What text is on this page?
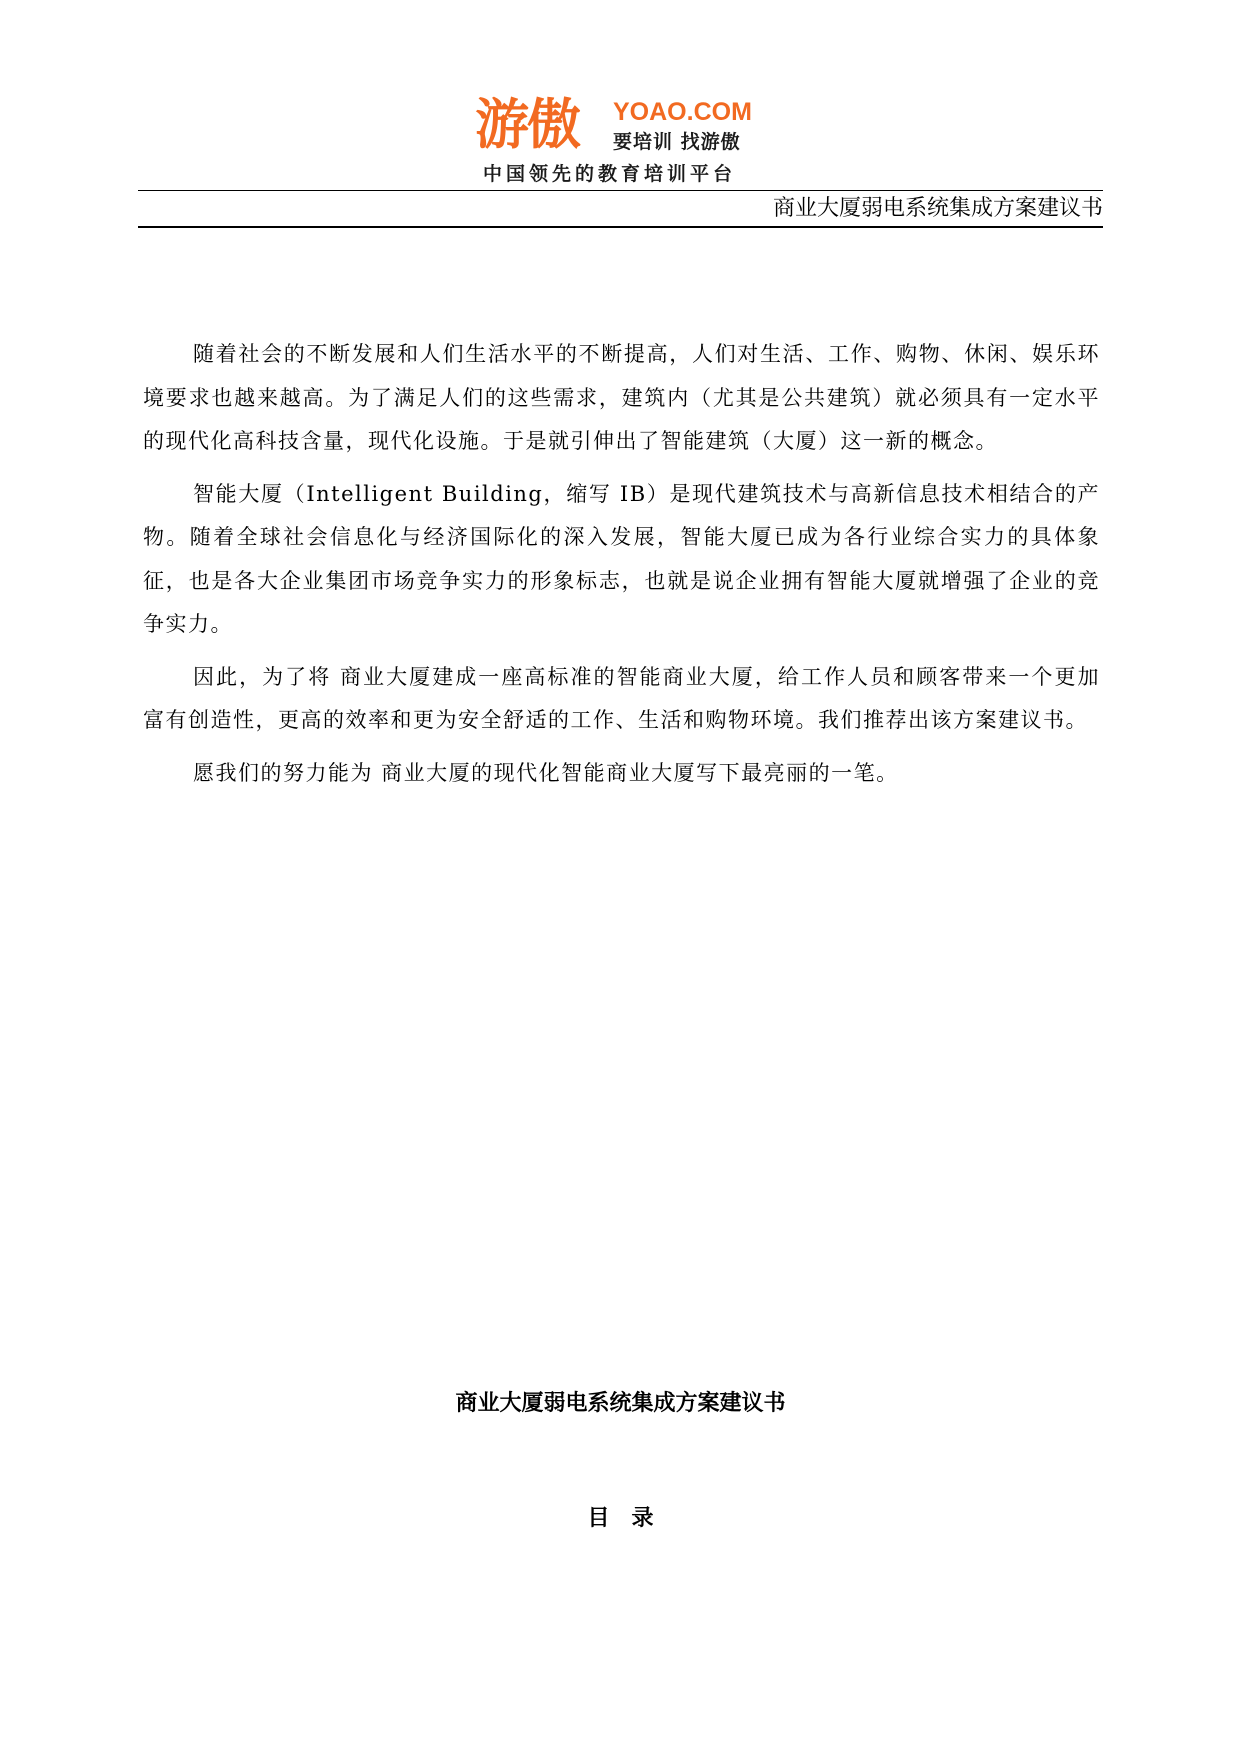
游傲 YOAO.COM
要培训 找游傲
中国领先的教育培训平台
商业大厦弱电系统集成方案建议书

随着社会的不断发展和人们生活水平的不断提高，人们对生活、工作、购物、休闲、娱乐环境要求也越来越高。为了满足人们的这些需求，建筑内（尤其是公共建筑）就必须具有一定水平的现代化高科技含量，现代化设施。于是就引伸出了智能建筑（大厦）这一新的概念。

智能大厦（Intelligent Building，缩写 IB）是现代建筑技术与高新信息技术相结合的产物。随着全球社会信息化与经济国际化的深入发展，智能大厦已成为各行业综合实力的具体象征，也是各大企业集团市场竞争实力的形象标志，也就是说企业拥有智能大厦就增强了企业的竞争实力。

因此，为了将 商业大厦建成一座高标准的智能商业大厦，给工作人员和顾客带来一个更加富有创造性，更高的效率和更为安全舒适的工作、生活和购物环境。我们推荐出该方案建议书。

愿我们的努力能为 商业大厦的现代化智能商业大厦写下最亮丽的一笔。

商业大厦弱电系统集成方案建议书
目录
